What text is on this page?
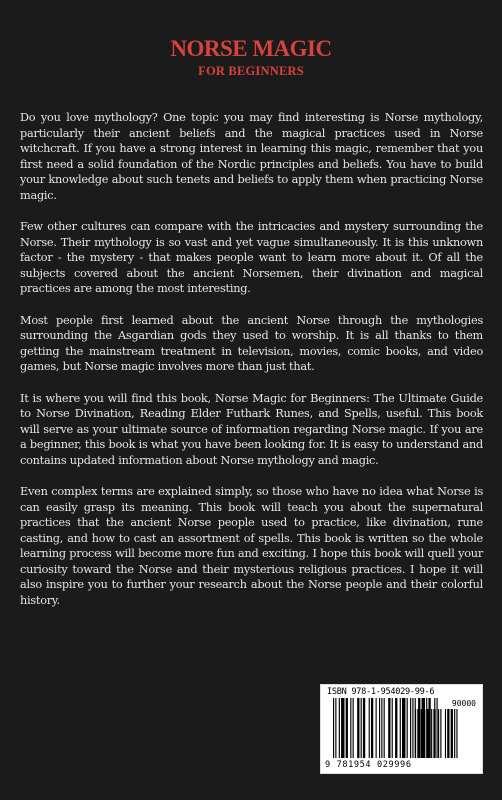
NORSE MAGIC
FOR BEGINNERS

Do you love mythology? One topic you may find interesting is Norse mythology, particularly their ancient beliefs and the magical practices used in Norse witchcraft. If you have a strong interest in learning this magic, remember that you first need a solid foundation of the Nordic principles and beliefs. You have to build your knowledge about such tenets and beliefs to apply them when practicing Norse magic.

Few other cultures can compare with the intricacies and mystery surrounding the Norse. Their mythology is so vast and yet vague simultaneously. It is this unknown factor - the mystery - that makes people want to learn more about it. Of all the subjects covered about the ancient Norsemen, their divination and magical practices are among the most interesting.

Most people first learned about the ancient Norse through the mythologies surrounding the Asgardian gods they used to worship. It is all thanks to them getting the mainstream treatment in television, movies, comic books, and video games, but Norse magic involves more than just that.

It is where you will find this book, Norse Magic for Beginners: The Ultimate Guide to Norse Divination, Reading Elder Futhark Runes, and Spells, useful. This book will serve as your ultimate source of information regarding Norse magic. If you are a beginner, this book is what you have been looking for. It is easy to understand and contains updated information about Norse mythology and magic.

Even complex terms are explained simply, so those who have no idea what Norse is can easily grasp its meaning. This book will teach you about the supernatural practices that the ancient Norse people used to practice, like divination, rune casting, and how to cast an assortment of spells. This book is written so the whole learning process will become more fun and exciting. I hope this book will quell your curiosity toward the Norse and their mysterious religious practices. I hope it will also inspire you to further your research about the Norse people and their colorful history.

ISBN 978-1-954029-99-6
90000
9 781954 029996
